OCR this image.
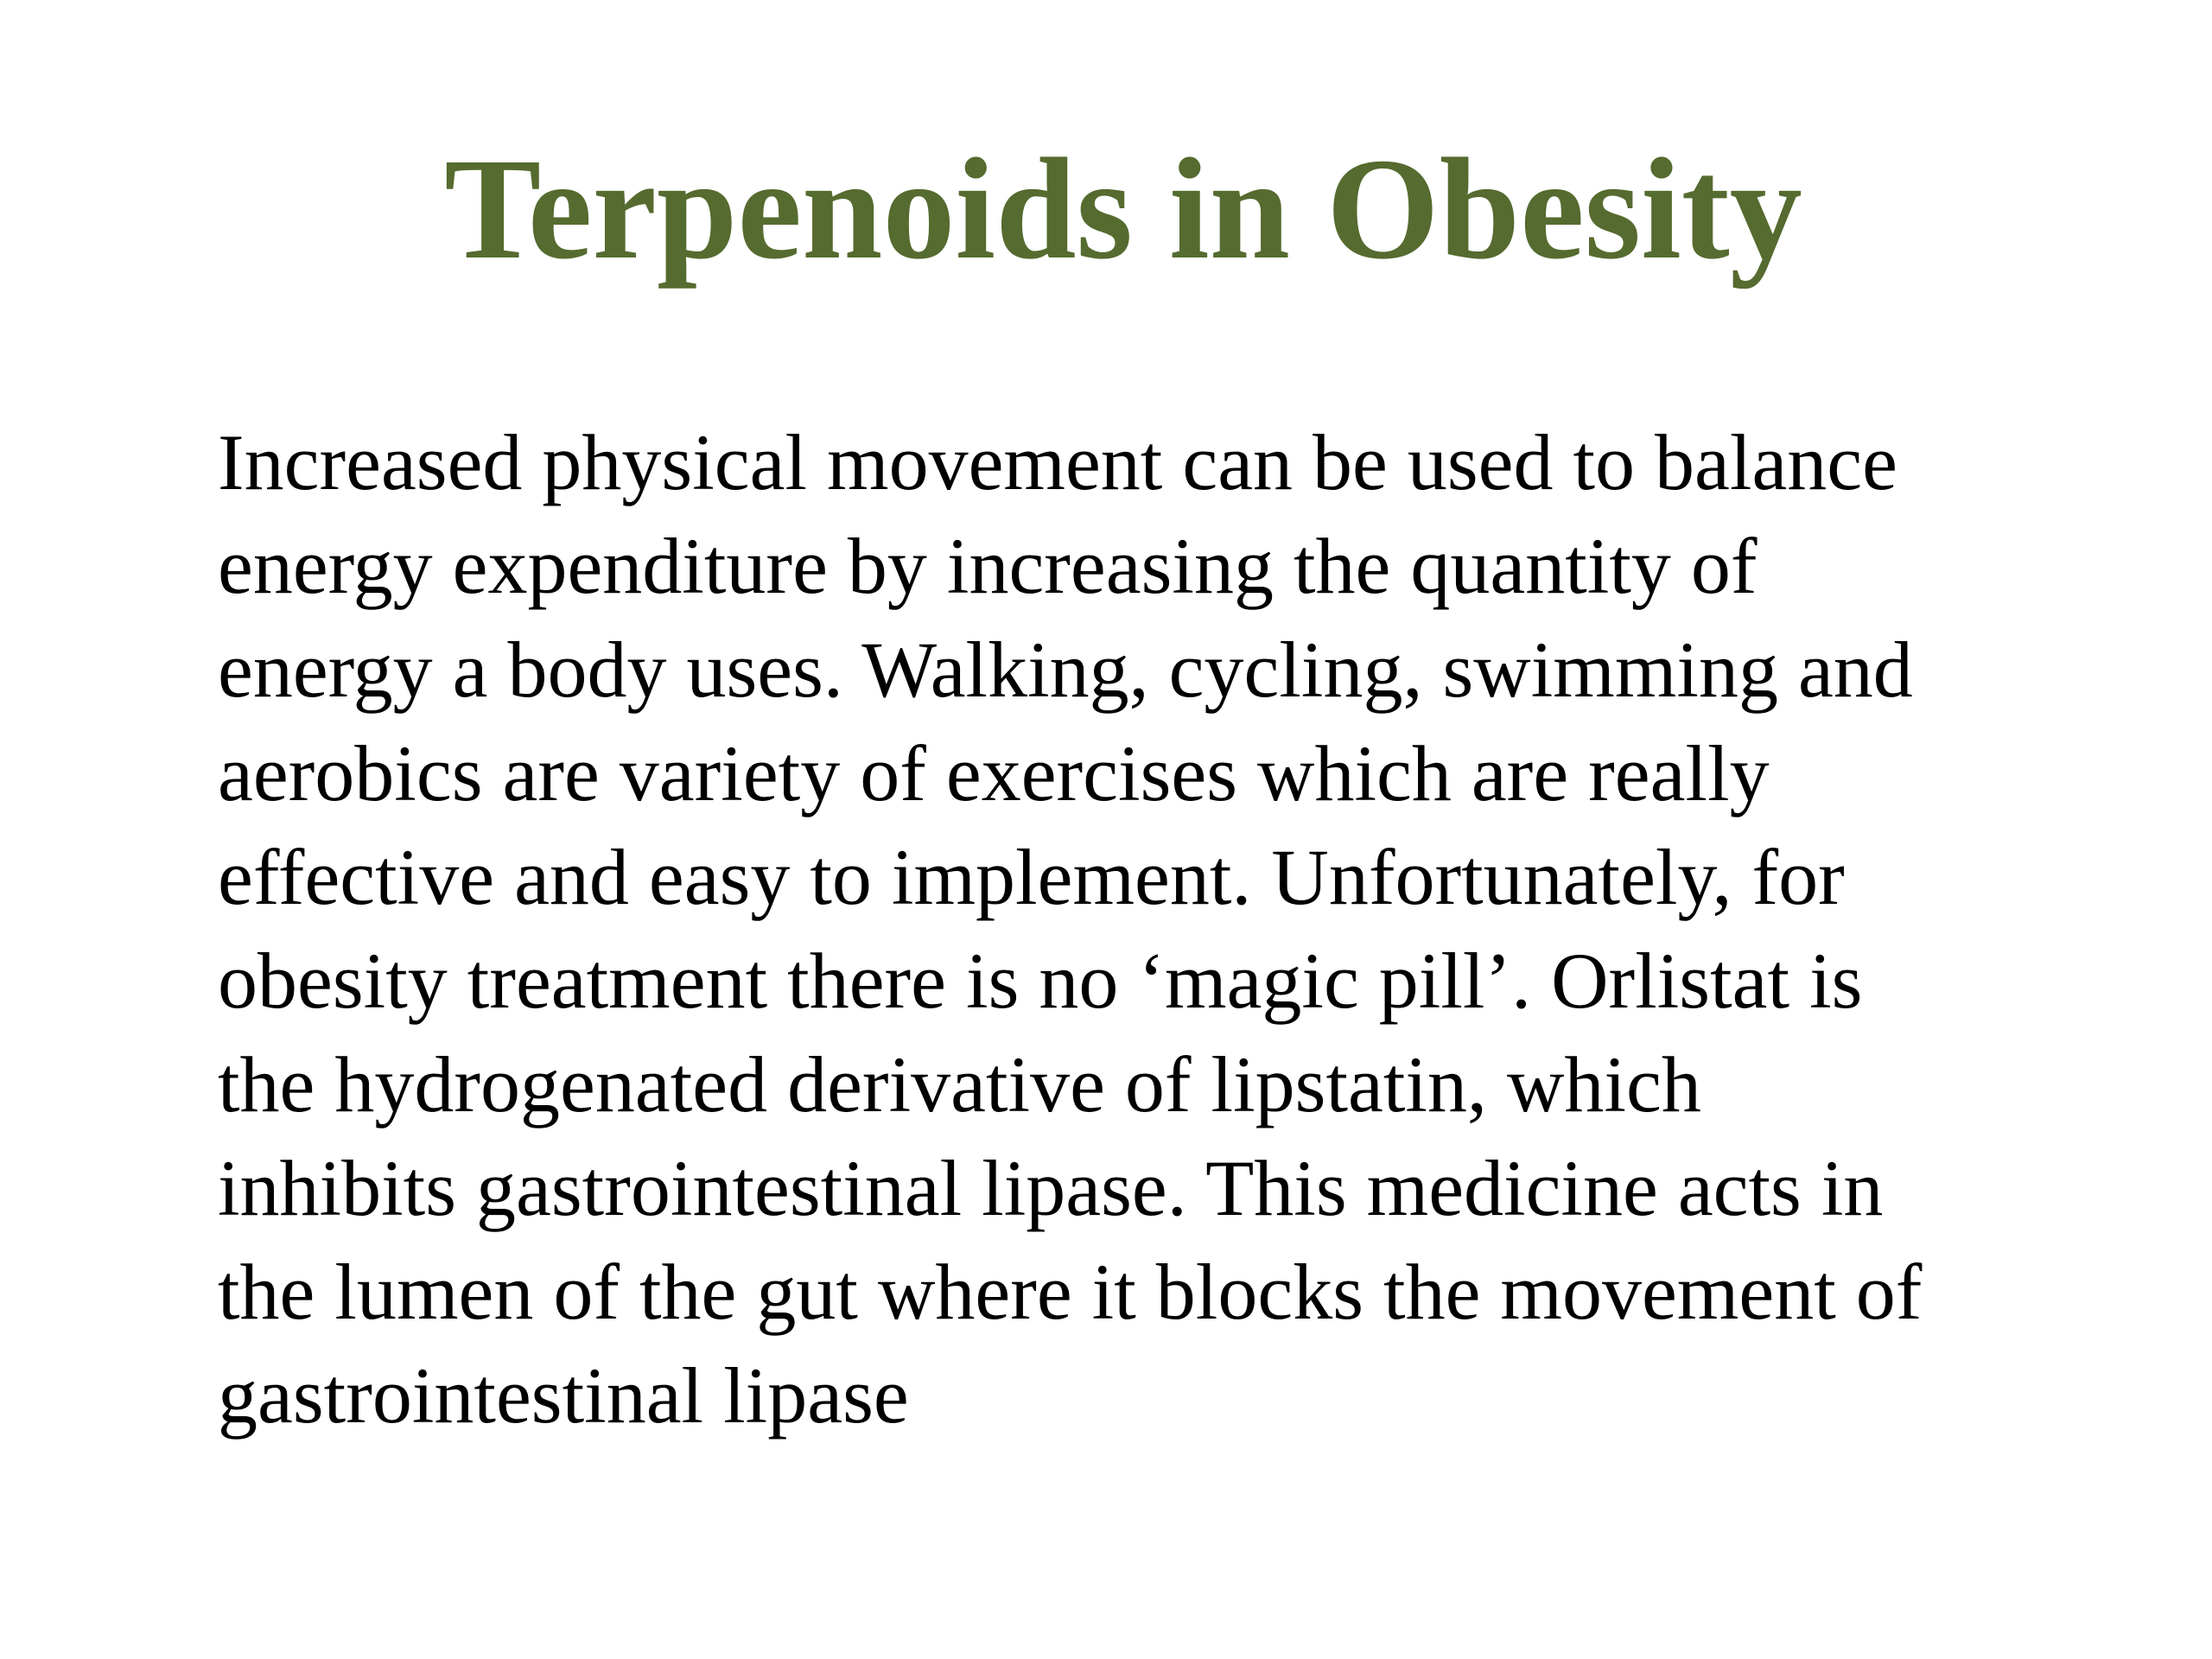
Terpenoids in Obesity

Increased physical movement can be used to balance
energy expenditure by increasing the quantity of
energy a body uses. Walking, cycling, swimming and
aerobics are variety of exercises which are really
effective and easy to implement. Unfortunately, for
obesity treatment there is no ‘magic pill’. Orlistat is
the hydrogenated derivative of lipstatin, which
inhibits gastrointestinal lipase. This medicine acts in
the lumen of the gut where it blocks the movement of
gastrointestinal lipase
